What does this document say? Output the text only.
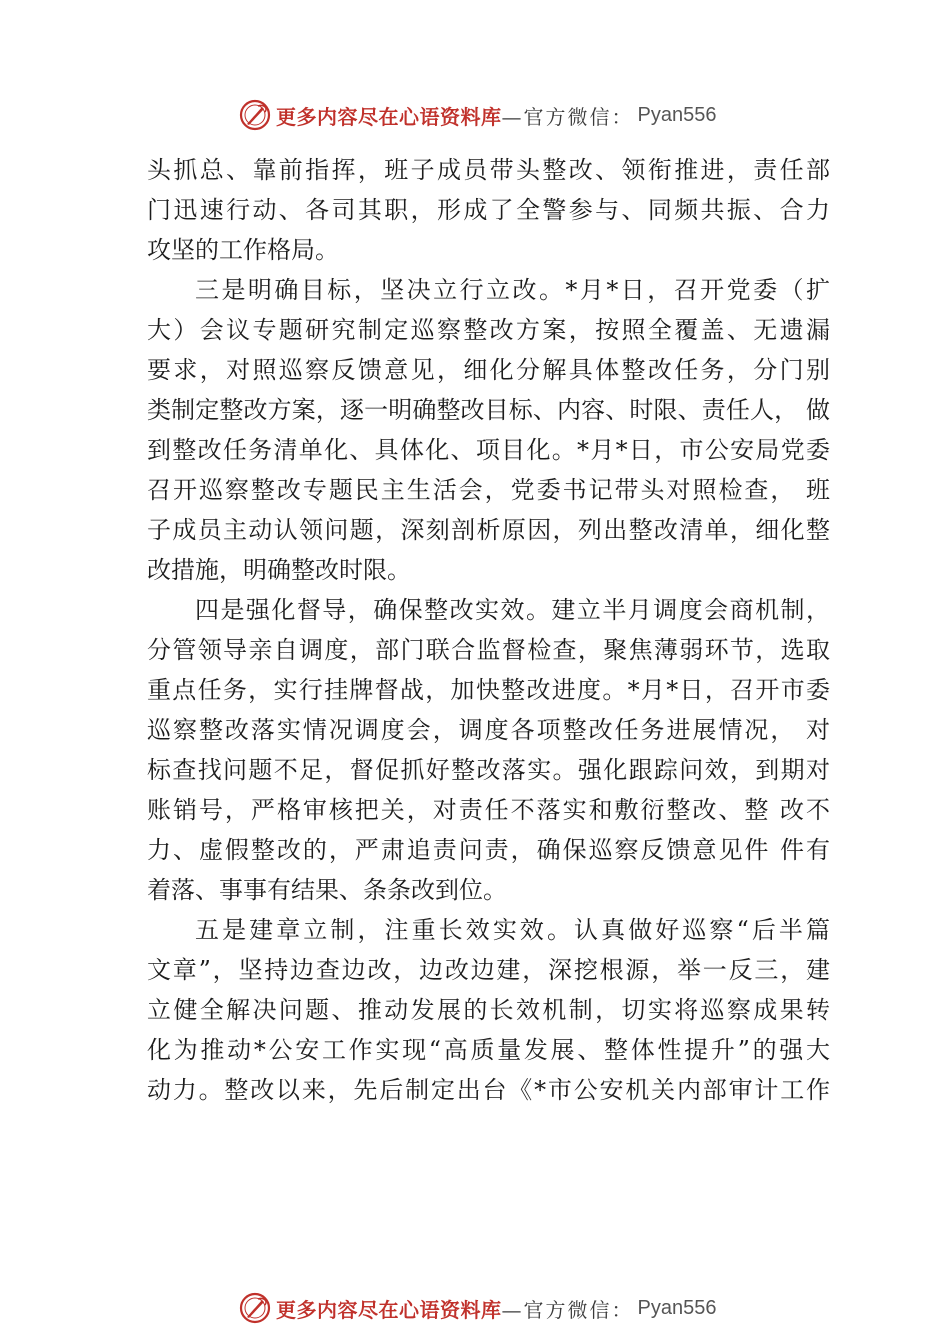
更多内容尽在心语资料库 —官方微信： Pyan556
头抓总、靠前指挥，班子成员带头整改、领衔推进，责任部
门迅速行动、各司其职，形成了全警参与、同频共振、合力
攻坚的工作格局。
三是明确目标，坚决立行立改。*月*日，召开党委（扩
大）会议专题研究制定巡察整改方案，按照全覆盖、无遗漏
要求，对照巡察反馈意见，细化分解具体整改任务，分门别
类制定整改方案，逐一明确整改目标、内容、时限、责任人， 做
到整改任务清单化、具体化、项目化。*月*日，市公安局党委
召开巡察整改专题民主生活会，党委书记带头对照检查， 班
子成员主动认领问题，深刻剖析原因，列出整改清单，细化整
改措施，明确整改时限。
四是强化督导，确保整改实效。建立半月调度会商机制，
分管领导亲自调度，部门联合监督检查，聚焦薄弱环节，选取
重点任务，实行挂牌督战，加快整改进度。*月*日，召开市委
巡察整改落实情况调度会，调度各项整改任务进展情况， 对
标查找问题不足，督促抓好整改落实。强化跟踪问效，到期对
账销号，严格审核把关，对责任不落实和敷衍整改、整 改不
力、虚假整改的，严肃追责问责，确保巡察反馈意见件 件有
着落、事事有结果、条条改到位。
五是建章立制，注重长效实效。认真做好巡察“后半篇
文章”，坚持边查边改，边改边建，深挖根源，举一反三，建
立健全解决问题、推动发展的长效机制，切实将巡察成果转
化为推动*公安工作实现“高质量发展、整体性提升”的强大
动力。整改以来，先后制定出台《*市公安机关内部审计工作
更多内容尽在心语资料库 —官方微信： Pyan556
